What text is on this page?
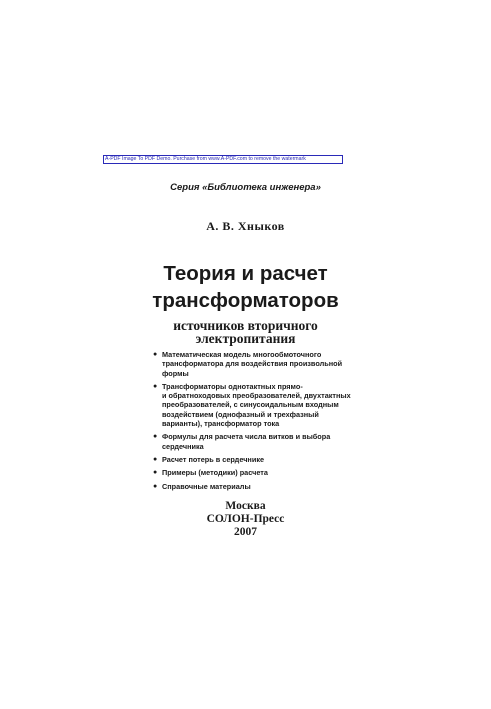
A-PDF Image To PDF Demo. Purchase from www.A-PDF.com to remove the watermark
Серия «Библиотека инженера»
А. В. Хныков
Теория и расчет
трансформаторов
источников вторичного
электропитания
● Математическая модель многообмоточного
трансформатора для воздействия произвольной
формы
● Трансформаторы однотактных прямо-
и обратноходовых преобразователей, двухтактных
преобразователей, с синусоидальным входным
воздействием (однофазный и трехфазный
варианты), трансформатор тока
● Формулы для расчета числа витков и выбора
сердечника
● Расчет потерь в сердечнике
● Примеры (методики) расчета
● Справочные материалы
Москва
СОЛОН-Пресс
2007
